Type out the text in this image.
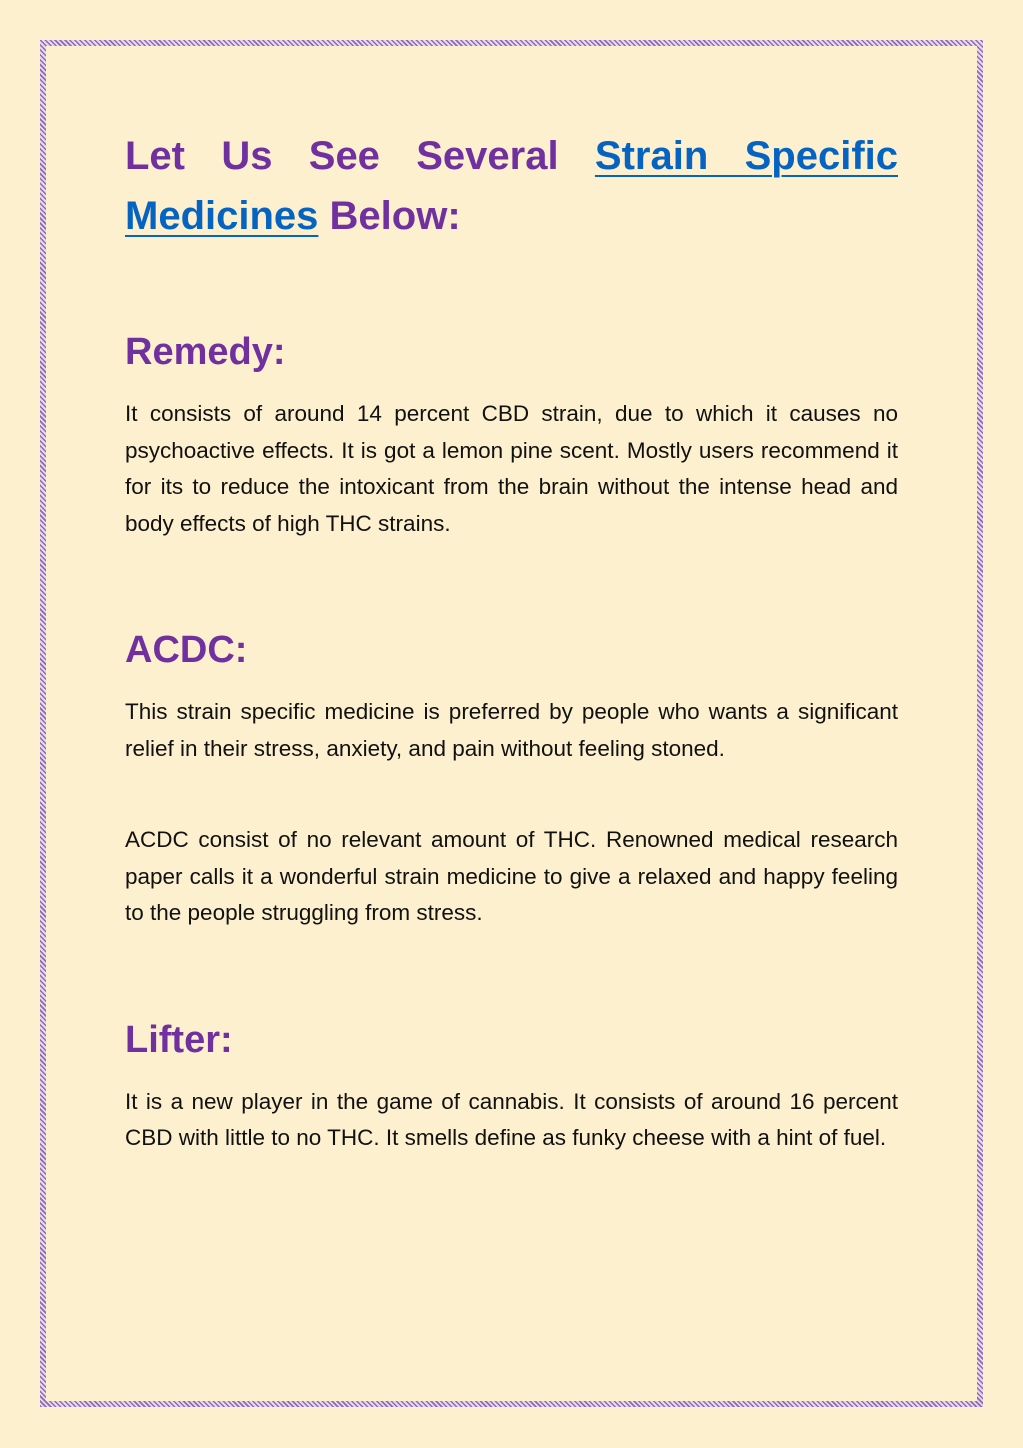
Let Us See Several Strain Specific Medicines Below:
Remedy:

It consists of around 14 percent CBD strain, due to which it causes no psychoactive effects. It is got a lemon pine scent. Mostly users recommend it for its to reduce the intoxicant from the brain without the intense head and body effects of high THC strains.

ACDC:

This strain specific medicine is preferred by people who wants a significant relief in their stress, anxiety, and pain without feeling stoned.

ACDC consist of no relevant amount of THC. Renowned medical research paper calls it a wonderful strain medicine to give a relaxed and happy feeling to the people struggling from stress.

Lifter:

It is a new player in the game of cannabis. It consists of around 16 percent CBD with little to no THC. It smells define as funky cheese with a hint of fuel.
